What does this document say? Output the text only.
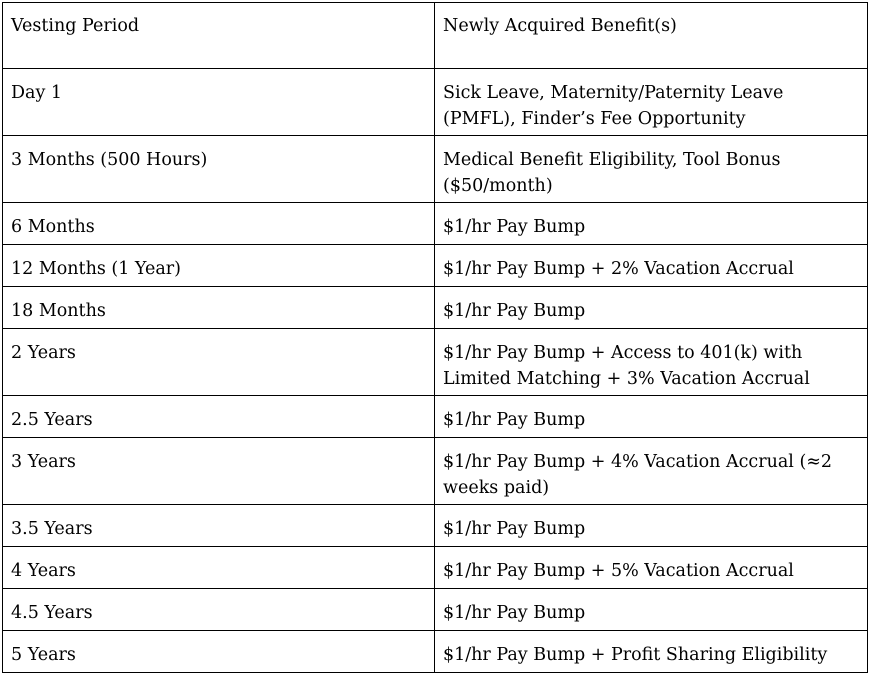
Vesting Period	Newly Acquired Benefit(s)
Day 1	Sick Leave, Maternity/Paternity Leave
(PMFL), Finder’s Fee Opportunity

3 Months (500 Hours)	Medical Benefit Eligibility, Tool Bonus
($50/month)

6 Months	$1/hr Pay Bump

12 Months (1 Year)	$1/hr Pay Bump + 2% Vacation Accrual

18 Months	$1/hr Pay Bump

2 Years	$1/hr Pay Bump + Access to 401(k) with
Limited Matching + 3% Vacation Accrual

2.5 Years	$1/hr Pay Bump

3 Years	$1/hr Pay Bump + 4% Vacation Accrual (≈2
weeks paid)

3.5 Years	$1/hr Pay Bump

4 Years	$1/hr Pay Bump + 5% Vacation Accrual

4.5 Years	$1/hr Pay Bump

5 Years	$1/hr Pay Bump + Profit Sharing Eligibility
